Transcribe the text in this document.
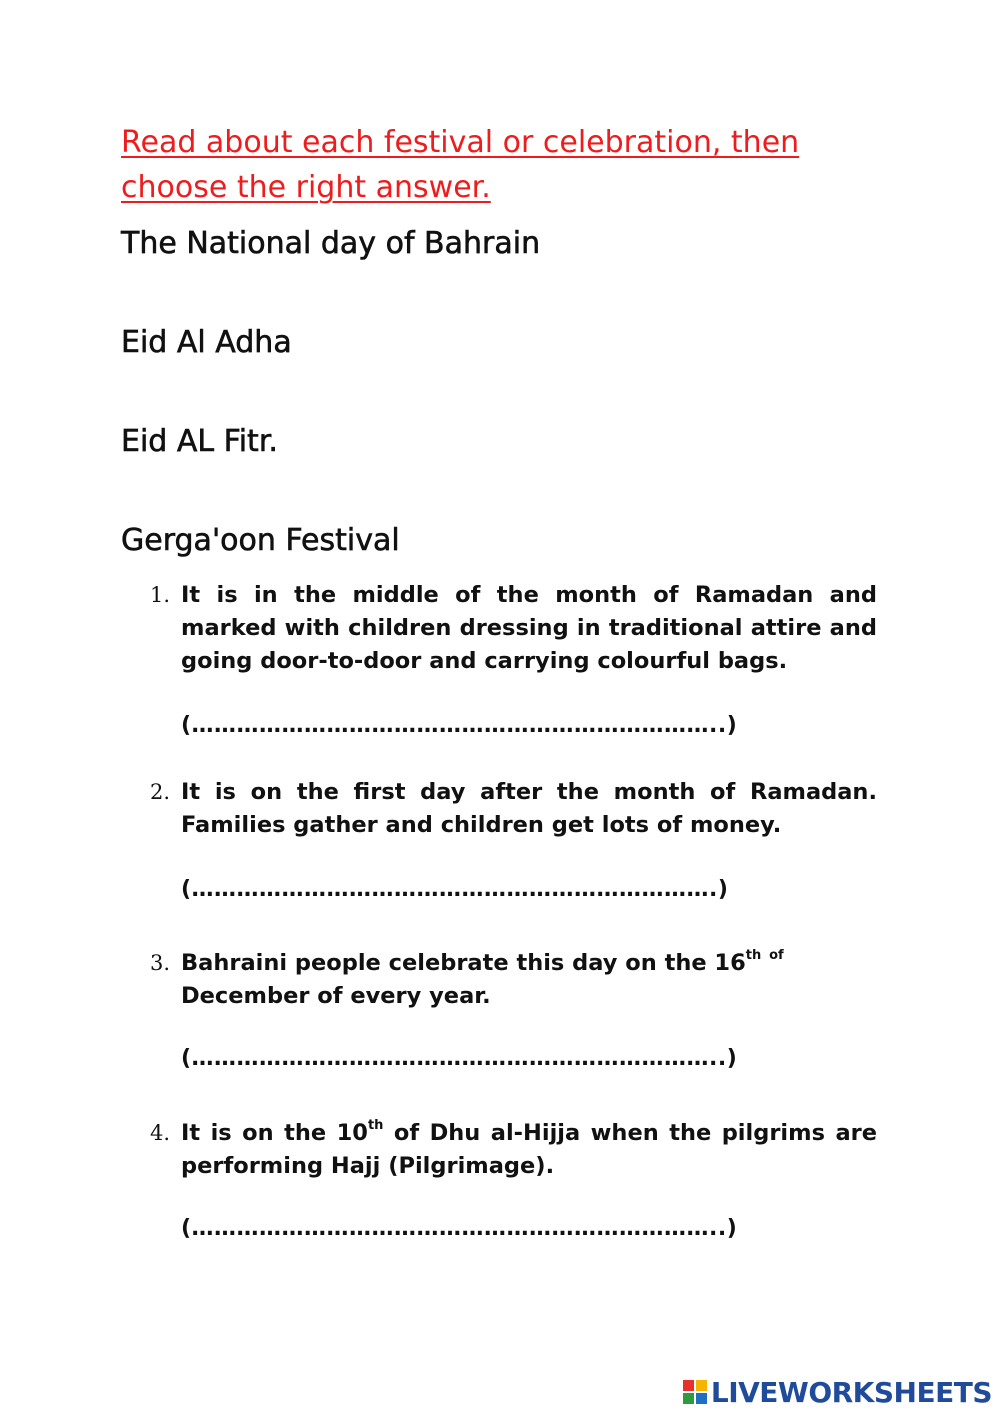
Read about each festival or celebration, then choose the right answer.

The National day of Bahrain

Eid Al Adha

Eid AL Fitr.

Gerga'oon Festival

1. It is in the middle of the month of Ramadan and marked with children dressing in traditional attire and going door-to-door and carrying colourful bags.
(……………………………………………………………..)
2. It is on the first day after the month of Ramadan. Families gather and children get lots of money.
(…………………………………………………………….)
3. Bahraini people celebrate this day on the 16th $^{of}$
December of every year.
(……………………………………………………………..)
4. It is on the 10th of Dhu al-Hijja when the pilgrims are performing Hajj (Pilgrimage).
(……………………………………………………………..)
LIVEWORKSHEETS
